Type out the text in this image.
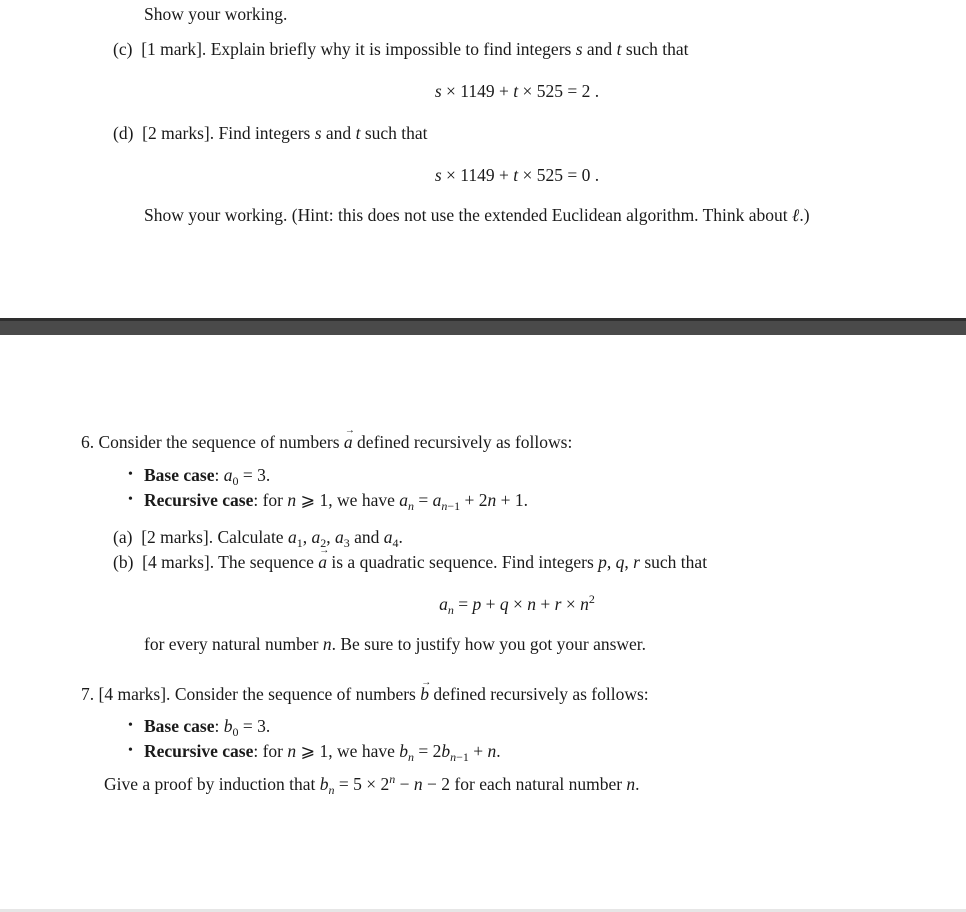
Show your working.
(c) [1 mark]. Explain briefly why it is impossible to find integers s and t such that
s × 1149 + t × 525 = 2 .
(d) [2 marks]. Find integers s and t such that
s × 1149 + t × 525 = 0 .
Show your working. (Hint: this does not use the extended Euclidean algorithm. Think about ℓ.)
6. Consider the sequence of numbers → a defined recursively as follows:
• Base case: $a_0 = 3$.
• Recursive case: for n ⩾ 1, we have $a_n = a_{n-1} + 2n + 1$.
(a) [2 marks]. Calculate $a_1$, $a_2$, $a_3$ and $a_4$.
(b) [4 marks]. The sequence → a is a quadratic sequence. Find integers p, q, r such that
$a_n = p + q \times n + r \times n^2$
for every natural number n. Be sure to justify how you got your answer.
7. [4 marks]. Consider the sequence of numbers → b defined recursively as follows:
• Base case: $b_0 = 3$.
• Recursive case: for n ⩾ 1, we have $b_n = 2b_{n-1} + n$.
Give a proof by induction that $b_n = 5 \times 2^n - n - 2$ for each natural number n.
